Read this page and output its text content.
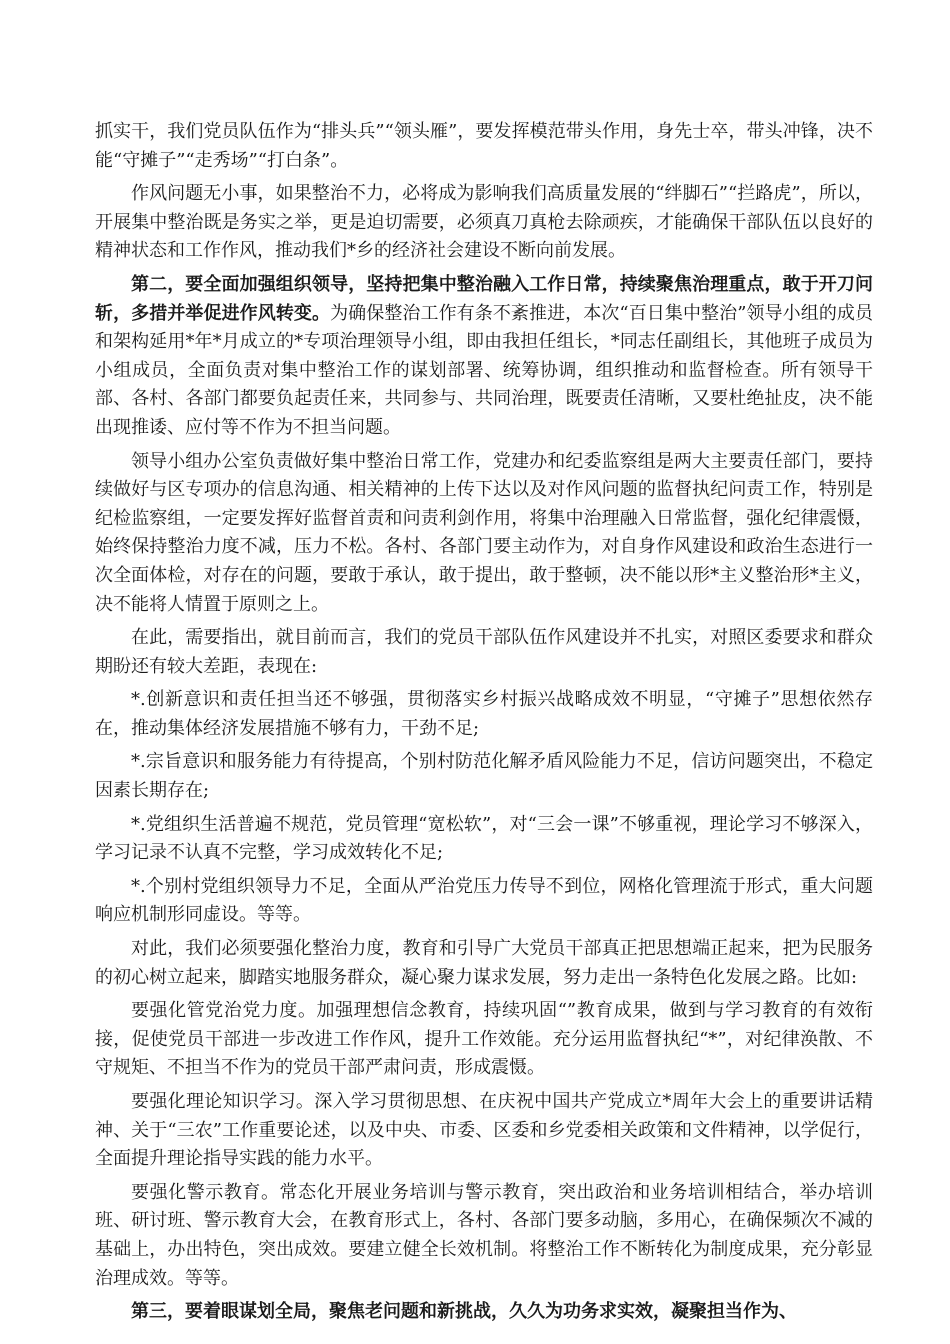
抓实干，我们党员队伍作为“排头兵”“领头雁”，要发挥模范带头作用，身先士卒，带头冲锋，决不能“守摊子”“走秀场”“打白条”。

作风问题无小事，如果整治不力，必将成为影响我们高质量发展的“绊脚石”“拦路虎”，所以，开展集中整治既是务实之举，更是迫切需要，必须真刀真枪去除顽疾，才能确保干部队伍以良好的精神状态和工作作风，推动我们*乡的经济社会建设不断向前发展。

第二，要全面加强组织领导，坚持把集中整治融入工作日常，持续聚焦治理重点，敢于开刀问斩，多措并举促进作风转变。为确保整治工作有条不紊推进，本次“百日集中整治”领导小组的成员和架构延用*年*月成立的*专项治理领导小组，即由我担任组长，*同志任副组长，其他班子成员为小组成员，全面负责对集中整治工作的谋划部署、统筹协调，组织推动和监督检查。所有领导干部、各村、各部门都要负起责任来，共同参与、共同治理，既要责任清晰，又要杜绝扯皮，决不能出现推诿、应付等不作为不担当问题。

领导小组办公室负责做好集中整治日常工作，党建办和纪委监察组是两大主要责任部门，要持续做好与区专项办的信息沟通、相关精神的上传下达以及对作风问题的监督执纪问责工作，特别是纪检监察组，一定要发挥好监督首责和问责利剑作用，将集中治理融入日常监督，强化纪律震慑，始终保持整治力度不减，压力不松。各村、各部门要主动作为，对自身作风建设和政治生态进行一次全面体检，对存在的问题，要敢于承认，敢于提出，敢于整顿，决不能以形*主义整治形*主义，决不能将人情置于原则之上。

在此，需要指出，就目前而言，我们的党员干部队伍作风建设并不扎实，对照区委要求和群众期盼还有较大差距，表现在:

*.创新意识和责任担当还不够强，贯彻落实乡村振兴战略成效不明显，“守摊子”思想依然存在，推动集体经济发展措施不够有力，干劲不足;

*.宗旨意识和服务能力有待提高，个别村防范化解矛盾风险能力不足，信访问题突出，不稳定因素长期存在;

*.党组织生活普遍不规范，党员管理“宽松软”，对“三会一课”不够重视，理论学习不够深入，学习记录不认真不完整，学习成效转化不足;

*.个别村党组织领导力不足，全面从严治党压力传导不到位，网格化管理流于形式，重大问题响应机制形同虚设。等等。

对此，我们必须要强化整治力度，教育和引导广大党员干部真正把思想端正起来，把为民服务的初心树立起来，脚踏实地服务群众，凝心聚力谋求发展，努力走出一条特色化发展之路。比如:

要强化管党治党力度。加强理想信念教育，持续巩固“”教育成果，做到与学习教育的有效衔接，促使党员干部进一步改进工作作风，提升工作效能。充分运用监督执纪“*”，对纪律涣散、不守规矩、不担当不作为的党员干部严肃问责，形成震慑。

要强化理论知识学习。深入学习贯彻思想、在庆祝中国共产党成立*周年大会上的重要讲话精神、关于“三农”工作重要论述，以及中央、市委、区委和乡党委相关政策和文件精神，以学促行，全面提升理论指导实践的能力水平。

要强化警示教育。常态化开展业务培训与警示教育，突出政治和业务培训相结合，举办培训班、研讨班、警示教育大会，在教育形式上，各村、各部门要多动脑，多用心，在确保频次不减的基础上，办出特色，突出成效。要建立健全长效机制。将整治工作不断转化为制度成果，充分彰显治理成效。等等。

第三，要着眼谋划全局，聚焦老问题和新挑战，久久为功务求实效，凝聚担当作为、
